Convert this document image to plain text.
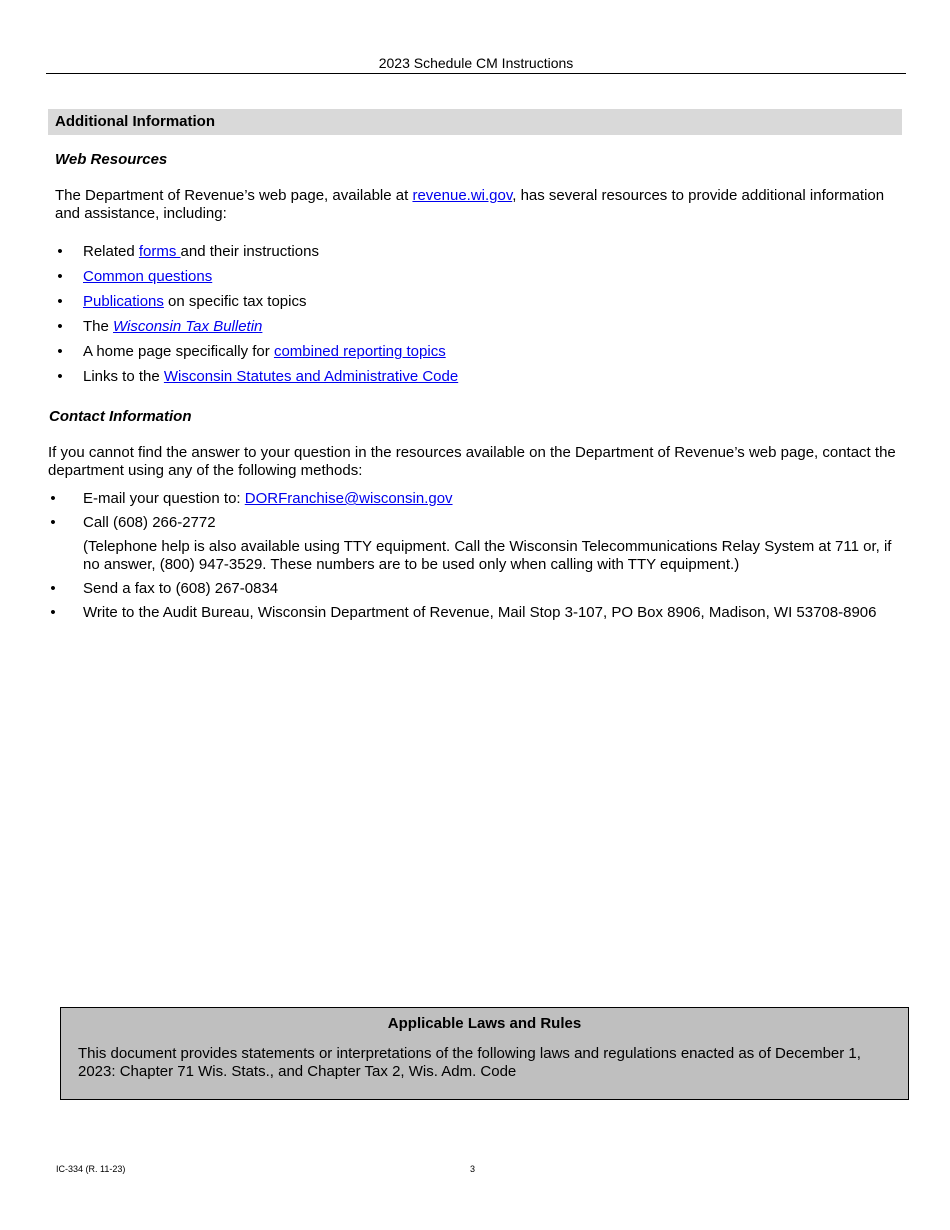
2023 Schedule CM Instructions
Additional Information
Web Resources
The Department of Revenue’s web page, available at revenue.wi.gov, has several resources to provide additional information and assistance, including:
• Related forms and their instructions
• Common questions
• Publications on specific tax topics
• The Wisconsin Tax Bulletin
• A home page specifically for combined reporting topics
• Links to the Wisconsin Statutes and Administrative Code
Contact Information
If you cannot find the answer to your question in the resources available on the Department of Revenue’s web page, contact the department using any of the following methods:
• E-mail your question to: DORFranchise@wisconsin.gov
• Call (608) 266-2772
(Telephone help is also available using TTY equipment. Call the Wisconsin Telecommunications Relay System at 711 or, if no answer, (800) 947-3529. These numbers are to be used only when calling with TTY equipment.)
• Send a fax to (608) 267-0834
• Write to the Audit Bureau, Wisconsin Department of Revenue, Mail Stop 3-107, PO Box 8906, Madison, WI 53708-8906
Applicable Laws and Rules
This document provides statements or interpretations of the following laws and regulations enacted as of December 1, 2023: Chapter 71 Wis. Stats., and Chapter Tax 2, Wis. Adm. Code
IC-334 (R. 11-23)	3
